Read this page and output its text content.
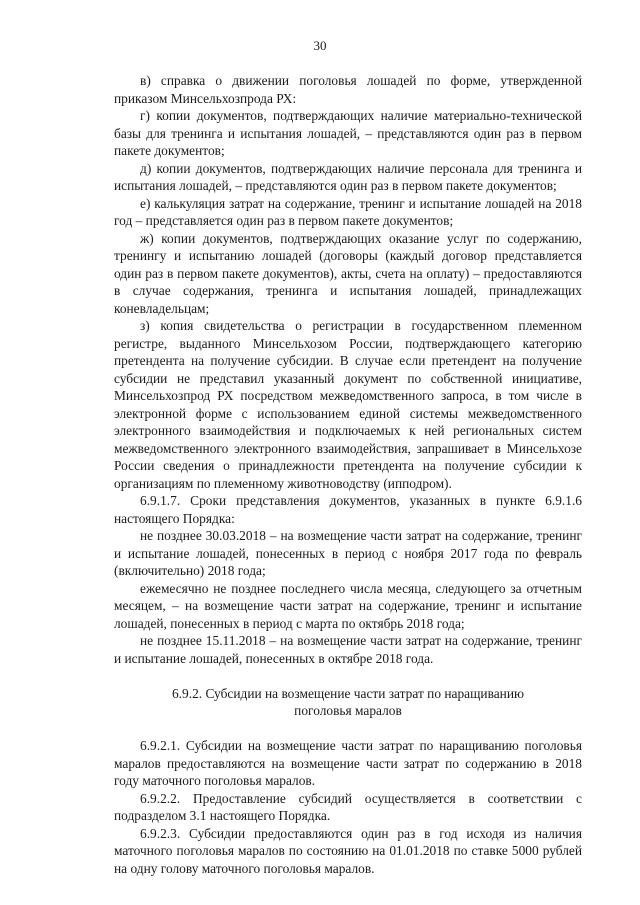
30

в) справка о движении поголовья лошадей по форме, утвержденной приказом Минсельхозпрода РХ:

г) копии документов, подтверждающих наличие материально-технической базы для тренинга и испытания лошадей, – представляются один раз в первом пакете документов;

д) копии документов, подтверждающих наличие персонала для тренинга и испытания лошадей, – представляются один раз в первом пакете документов;

е) калькуляция затрат на содержание, тренинг и испытание лошадей на 2018 год – представляется один раз в первом пакете документов;

ж) копии документов, подтверждающих оказание услуг по содержанию, тренингу и испытанию лошадей (договоры (каждый договор представляется один раз в первом пакете документов), акты, счета на оплату) – предоставляются в случае содержания, тренинга и испытания лошадей, принадлежащих коневладельцам;

з) копия свидетельства о регистрации в государственном племенном регистре, выданного Минсельхозом России, подтверждающего категорию претендента на получение субсидии. В случае если претендент на получение субсидии не представил указанный документ по собственной инициативе, Минсельхозпрод РХ посредством межведомственного запроса, в том числе в электронной форме с использованием единой системы межведомственного электронного взаимодействия и подключаемых к ней региональных систем межведомственного электронного взаимодействия, запрашивает в Минсельхозе России сведения о принадлежности претендента на получение субсидии к организациям по племенному животноводству (ипподром).

6.9.1.7. Сроки представления документов, указанных в пункте 6.9.1.6 настоящего Порядка:

не позднее 30.03.2018 – на возмещение части затрат на содержание, тренинг и испытание лошадей, понесенных в период с ноября 2017 года по февраль (включительно) 2018 года;

ежемесячно не позднее последнего числа месяца, следующего за отчетным месяцем, – на возмещение части затрат на содержание, тренинг и испытание лошадей, понесенных в период с марта по октябрь 2018 года;

не позднее 15.11.2018 – на возмещение части затрат на содержание, тренинг и испытание лошадей, понесенных в октябре 2018 года.

6.9.2. Субсидии на возмещение части затрат по наращиванию поголовья маралов

6.9.2.1. Субсидии на возмещение части затрат по наращиванию поголовья маралов предоставляются на возмещение части затрат по содержанию в 2018 году маточного поголовья маралов.

6.9.2.2. Предоставление субсидий осуществляется в соответствии с подразделом 3.1 настоящего Порядка.

6.9.2.3. Субсидии предоставляются один раз в год исходя из наличия маточного поголовья маралов по состоянию на 01.01.2018 по ставке 5000 рублей на одну голову маточного поголовья маралов.
